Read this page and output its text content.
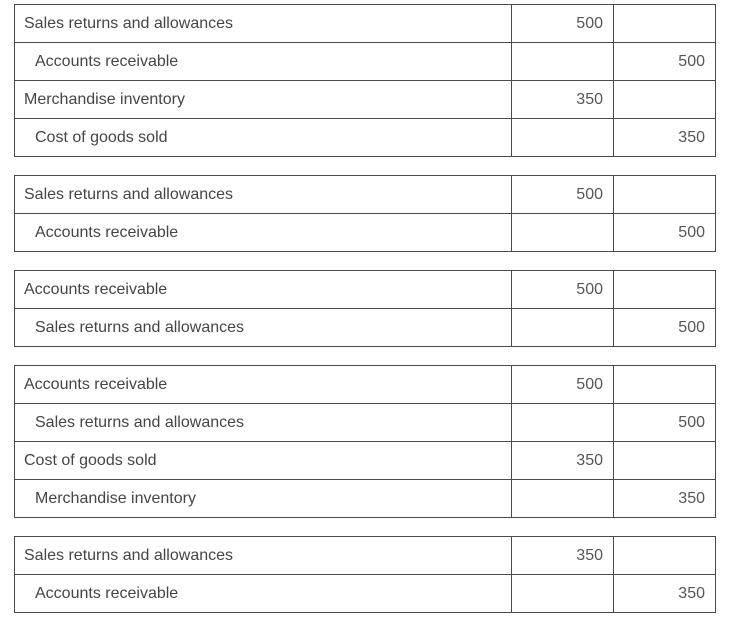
Sales returns and allowances	500	
Accounts receivable		500
Merchandise inventory	350	
Cost of goods sold		350
Sales returns and allowances	500	
Accounts receivable		500
Accounts receivable	500	
Sales returns and allowances		500
Accounts receivable	500	
Sales returns and allowances		500
Cost of goods sold	350	
Merchandise inventory		350
Sales returns and allowances	350	
Accounts receivable		350
